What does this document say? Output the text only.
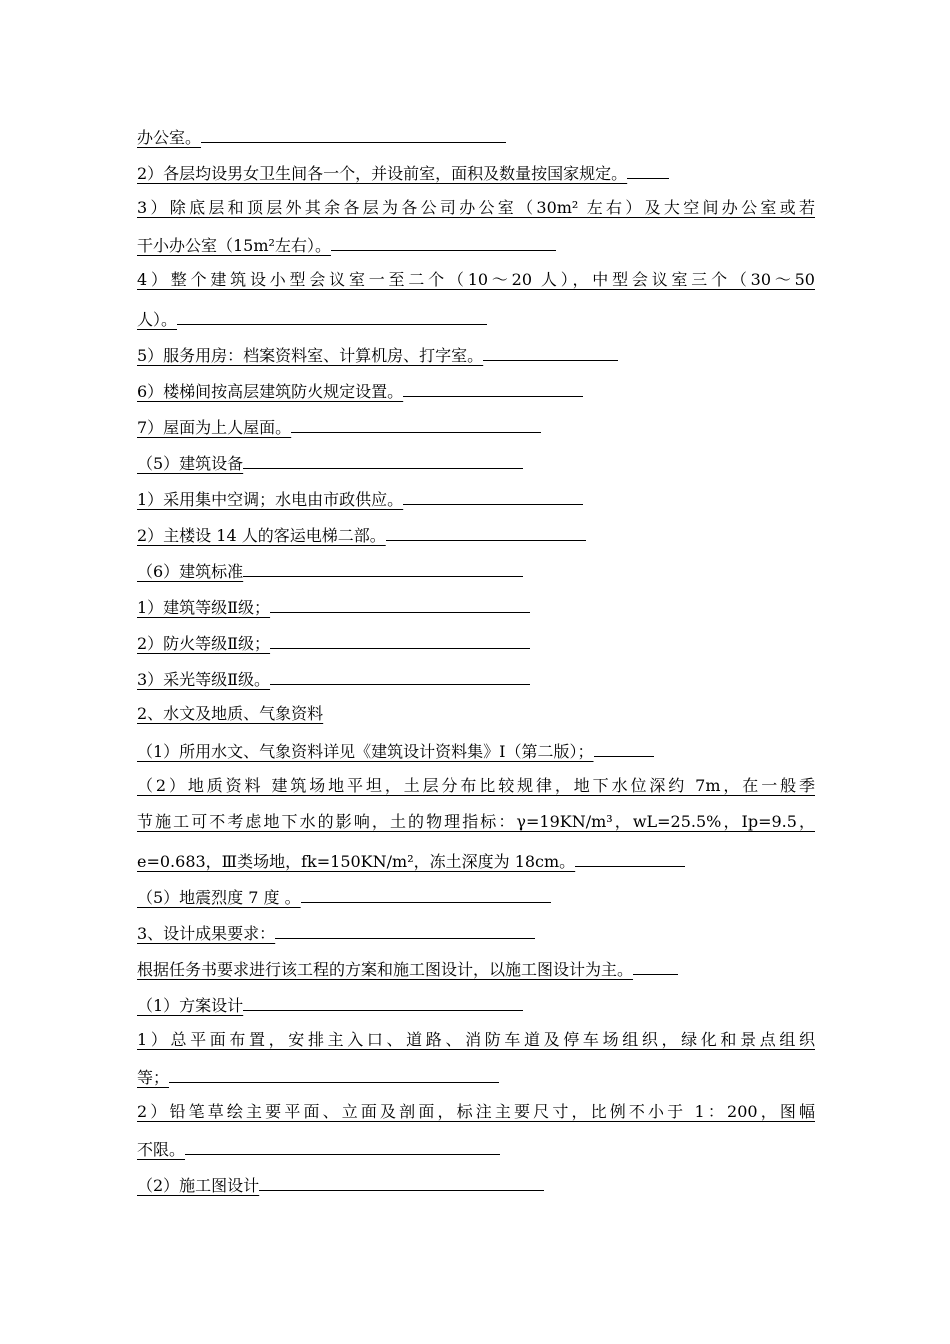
办公室。
2）各层均设男女卫生间各一个，并设前室，面积及数量按国家规定。
3）除底层和顶层外其余各层为各公司办公室（30m² 左右）及大空间办公室或若
干小办公室（15m²左右）。
4）整个建筑设小型会议室一至二个（10～20 人），中型会议室三个（30～50
人）。
5）服务用房：档案资料室、计算机房、打字室。
6）楼梯间按高层建筑防火规定设置。
7）屋面为上人屋面。
（5）建筑设备
1）采用集中空调；水电由市政供应。
2）主楼设 14 人的客运电梯二部。
（6）建筑标准
1）建筑等级Ⅱ级；
2）防火等级Ⅱ级；
3）采光等级Ⅱ级。
2、水文及地质、气象资料
（1）所用水文、气象资料详见《建筑设计资料集》Ⅰ（第二版）；
（2）地质资料 建筑场地平坦，土层分布比较规律，地下水位深约 7m，在一般季
节施工可不考虑地下水的影响，土的物理指标：γ=19KN/m³，wL=25.5%，Ip=9.5，
e=0.683，Ⅲ类场地，fk=150KN/m²，冻土深度为 18cm。
（5）地震烈度 7 度 。
3、设计成果要求：
根据任务书要求进行该工程的方案和施工图设计，以施工图设计为主。
（1）方案设计
1）总平面布置，安排主入口、道路、消防车道及停车场组织，绿化和景点组织
等；
2）铅笔草绘主要平面、立面及剖面，标注主要尺寸，比例不小于 1：200，图幅
不限。
（2）施工图设计
